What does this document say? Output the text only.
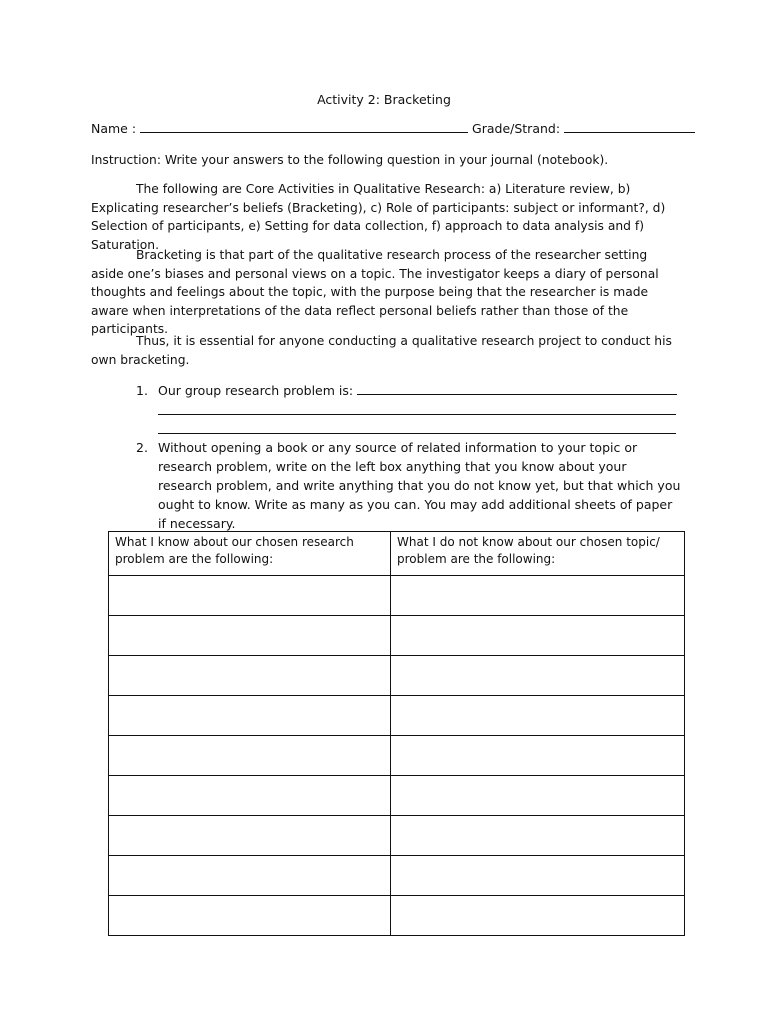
Activity 2: Bracketing
Name :	Grade/Strand:
Instruction: Write your answers to the following question in your journal (notebook).
The following are Core Activities in Qualitative Research: a) Literature review, b) Explicating researcher’s beliefs (Bracketing), c) Role of participants: subject or informant?, d) Selection of participants, e) Setting for data collection, f) approach to data analysis and f) Saturation.
Bracketing is that part of the qualitative research process of the researcher setting aside one’s biases and personal views on a topic. The investigator keeps a diary of personal thoughts and feelings about the topic, with the purpose being that the researcher is made aware when interpretations of the data reflect personal beliefs rather than those of the participants.
Thus, it is essential for anyone conducting a qualitative research project to conduct his own bracketing.
1. Our group research problem is:
2. Without opening a book or any source of related information to your topic or research problem, write on the left box anything that you know about your research problem, and write anything that you do not know yet, but that which you ought to know. Write as many as you can. You may add additional sheets of paper if necessary.
What I know about our chosen research problem are the following:	What I do not know about our chosen topic/ problem are the following:
